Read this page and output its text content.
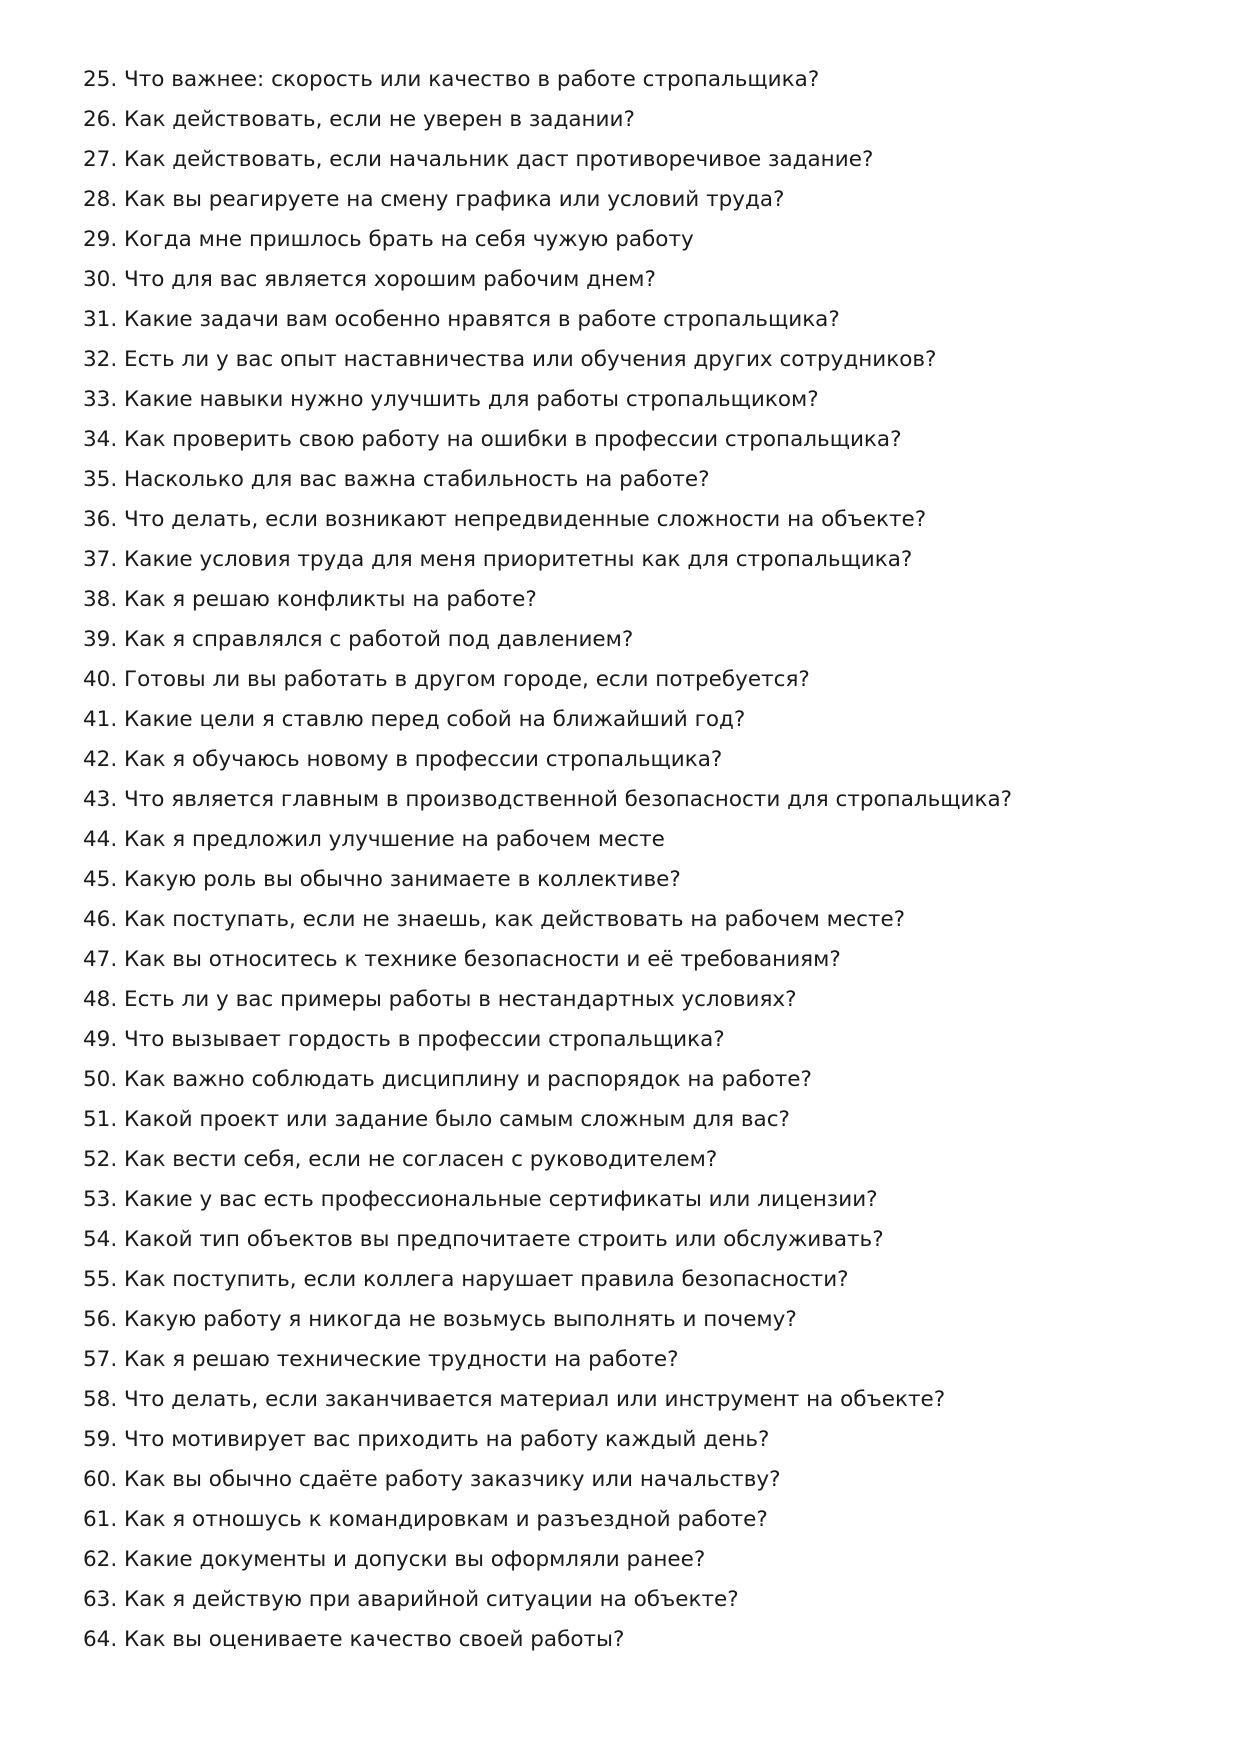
25. Что важнее: скорость или качество в работе стропальщика?
26. Как действовать, если не уверен в задании?
27. Как действовать, если начальник даст противоречивое задание?
28. Как вы реагируете на смену графика или условий труда?
29. Когда мне пришлось брать на себя чужую работу
30. Что для вас является хорошим рабочим днем?
31. Какие задачи вам особенно нравятся в работе стропальщика?
32. Есть ли у вас опыт наставничества или обучения других сотрудников?
33. Какие навыки нужно улучшить для работы стропальщиком?
34. Как проверить свою работу на ошибки в профессии стропальщика?
35. Насколько для вас важна стабильность на работе?
36. Что делать, если возникают непредвиденные сложности на объекте?
37. Какие условия труда для меня приоритетны как для стропальщика?
38. Как я решаю конфликты на работе?
39. Как я справлялся с работой под давлением?
40. Готовы ли вы работать в другом городе, если потребуется?
41. Какие цели я ставлю перед собой на ближайший год?
42. Как я обучаюсь новому в профессии стропальщика?
43. Что является главным в производственной безопасности для стропальщика?
44. Как я предложил улучшение на рабочем месте
45. Какую роль вы обычно занимаете в коллективе?
46. Как поступать, если не знаешь, как действовать на рабочем месте?
47. Как вы относитесь к технике безопасности и её требованиям?
48. Есть ли у вас примеры работы в нестандартных условиях?
49. Что вызывает гордость в профессии стропальщика?
50. Как важно соблюдать дисциплину и распорядок на работе?
51. Какой проект или задание было самым сложным для вас?
52. Как вести себя, если не согласен с руководителем?
53. Какие у вас есть профессиональные сертификаты или лицензии?
54. Какой тип объектов вы предпочитаете строить или обслуживать?
55. Как поступить, если коллега нарушает правила безопасности?
56. Какую работу я никогда не возьмусь выполнять и почему?
57. Как я решаю технические трудности на работе?
58. Что делать, если заканчивается материал или инструмент на объекте?
59. Что мотивирует вас приходить на работу каждый день?
60. Как вы обычно сдаёте работу заказчику или начальству?
61. Как я отношусь к командировкам и разъездной работе?
62. Какие документы и допуски вы оформляли ранее?
63. Как я действую при аварийной ситуации на объекте?
64. Как вы оцениваете качество своей работы?
